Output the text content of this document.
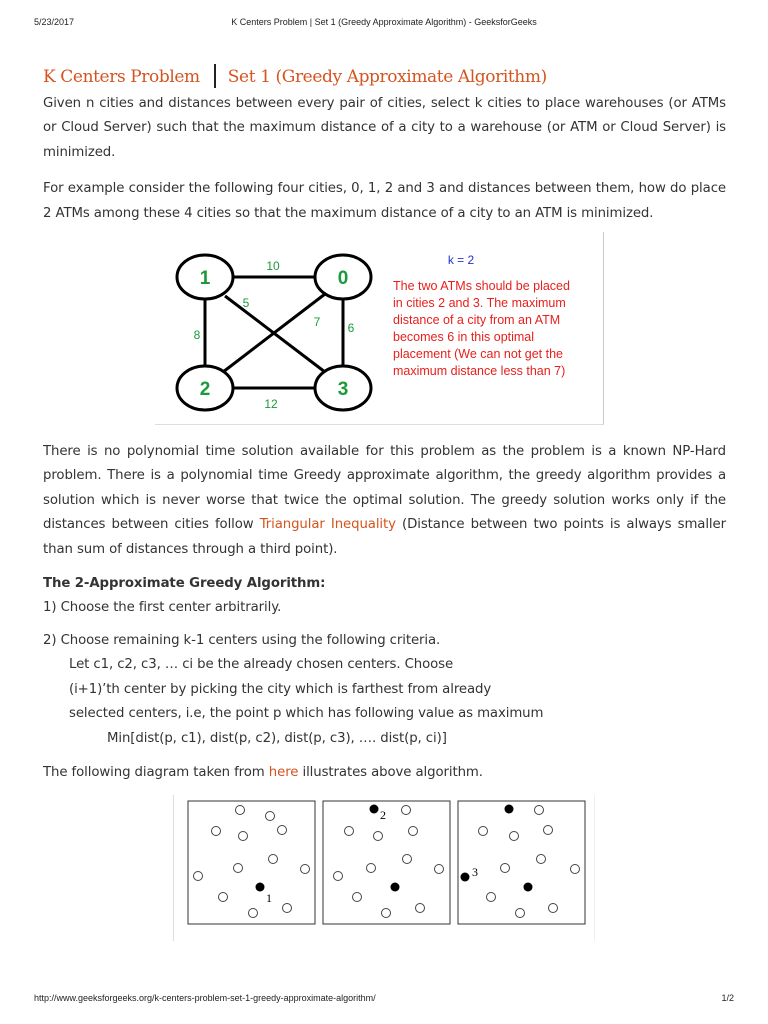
5/23/2017	K Centers Problem | Set 1 (Greedy Approximate Algorithm) - GeeksforGeeks
K Centers Problem Set 1 (Greedy Approximate Algorithm)

Given n cities and distances between every pair of cities, select k cities to place warehouses (or ATMs or Cloud Server) such that the maximum distance of a city to a warehouse (or ATM or Cloud Server) is minimized.

For example consider the following four cities, 0, 1, 2 and 3 and distances between them, how do place 2 ATMs among these 4 cities so that the maximum distance of a city to an ATM is minimized.

There is no polynomial time solution available for this problem as the problem is a known NP-Hard problem. There is a polynomial time Greedy approximate algorithm, the greedy algorithm provides a solution which is never worse that twice the optimal solution. The greedy solution works only if the distances between cities follow Triangular Inequality (Distance between two points is always smaller than sum of distances through a third point).

The 2-Approximate Greedy Algorithm:

1) Choose the first center arbitrarily.

2) Choose remaining k-1 centers using the following criteria.

Let c1, c2, c3, … ci be the already chosen centers. Choose

(i+1)’th center by picking the city which is farthest from already

selected centers, i.e, the point p which has following value as maximum

Min[dist(p, c1), dist(p, c2), dist(p, c3), …. dist(p, ci)]

The following diagram taken from here illustrates above algorithm.

1	0
2	3
10
5
7 6
8
12
k = 2
The two ATMs should be placed
in cities 2 and 3. The maximum
distance of a city from an ATM
becomes 6 in this optimal
placement (We can not get the
maximum distance less than 7)
1
2
3
http://www.geeksforgeeks.org/k-centers-problem-set-1-greedy-approximate-algorithm/	1/2
